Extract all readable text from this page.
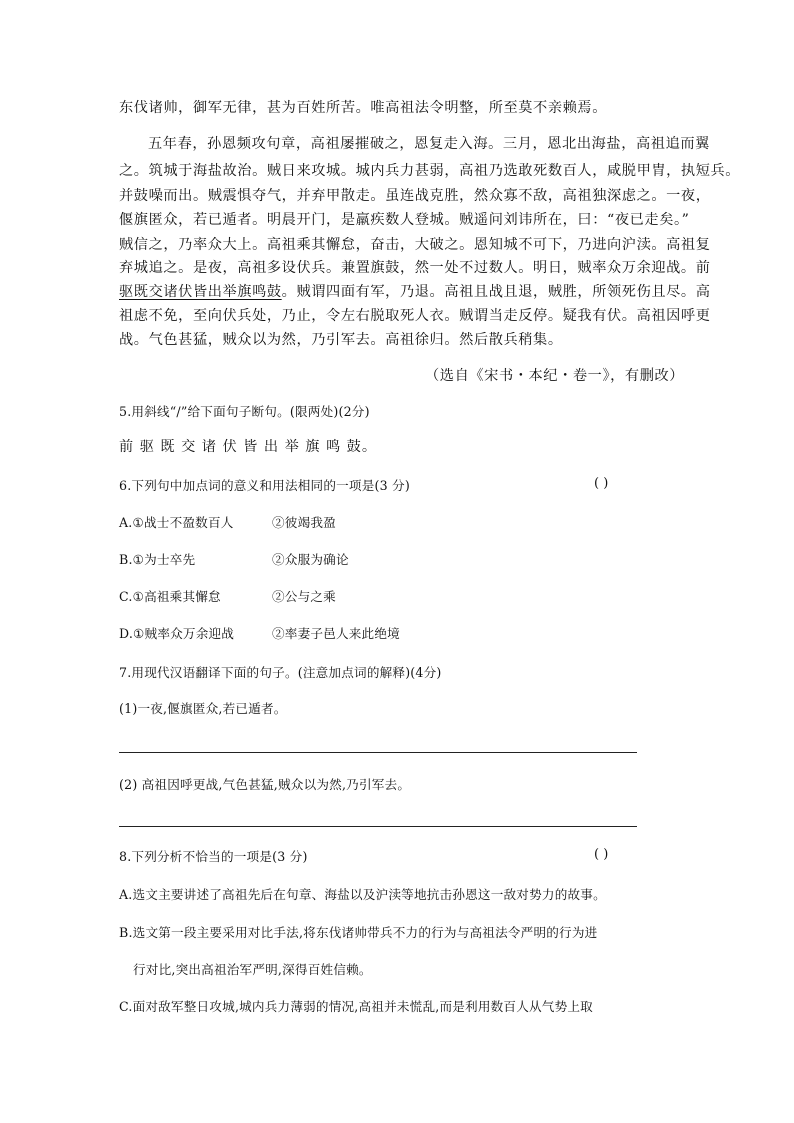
东伐诸帅，御军无律，甚为百姓所苦。唯高祖法令明整，所至莫不亲赖焉。
五年春，孙恩频攻句章，高祖屡摧破之，恩复走入海。三月，恩北出海盐，高祖追而翼
之。筑城于海盐故治。贼日来攻城。城内兵力甚弱，高祖乃选敢死数百人，咸脱甲胄，执短兵。
并鼓噪而出。贼震惧夺气，并弃甲散走。虽连战克胜，然众寡不敌，高祖独深虑之。一夜，
偃旗匿众，若已遁者。明晨开门，是羸疾数人登城。贼遥问刘讳所在，曰：“夜已走矣。”
贼信之，乃率众大上。高祖乘其懈怠，奋击，大破之。恩知城不可下，乃进向沪渎。高祖复
弃城追之。是夜，高祖多设伏兵。兼置旗鼓，然一处不过数人。明日，贼率众万余迎战。前
驱既交诸伏皆出举旗鸣鼓。贼谓四面有军，乃退。高祖且战且退，贼胜，所领死伤且尽。高
祖虑不免，至向伏兵处，乃止，令左右脱取死人衣。贼谓当走反停。疑我有伏。高祖因呼更
战。气色甚猛，贼众以为然，乃引军去。高祖徐归。然后散兵稍集。
（选自《宋书・本纪・卷一》，有删改）
5.用斜线“/”给下面句子断句。(限两处)(2分)
前 驱 既 交 诸 伏 皆 出 举 旗 鸣 鼓。
6.下列句中加点词的意义和用法相同的一项是(3 分)	( )
A.①战士不盈数百人	②彼竭我盈
B.①为士卒先	②众服为确论
C.①高祖乘其懈怠	②公与之乘
D.①贼率众万余迎战	②率妻子邑人来此绝境
7.用现代汉语翻译下面的句子。(注意加点词的解释)(4分)
(1)一夜,偃旗匿众,若已遁者。
(2) 高祖因呼更战,气色甚猛,贼众以为然,乃引军去。
8.下列分析不恰当的一项是(3 分)	( )
A.选文主要讲述了高祖先后在句章、海盐以及沪渎等地抗击孙恩这一敌对势力的故事。
B.选文第一段主要采用对比手法,将东伐诸帅带兵不力的行为与高祖法令严明的行为进
行对比,突出高祖治军严明,深得百姓信赖。
C.面对敌军整日攻城,城内兵力薄弱的情况,高祖并未慌乱,而是利用数百人从气势上取
